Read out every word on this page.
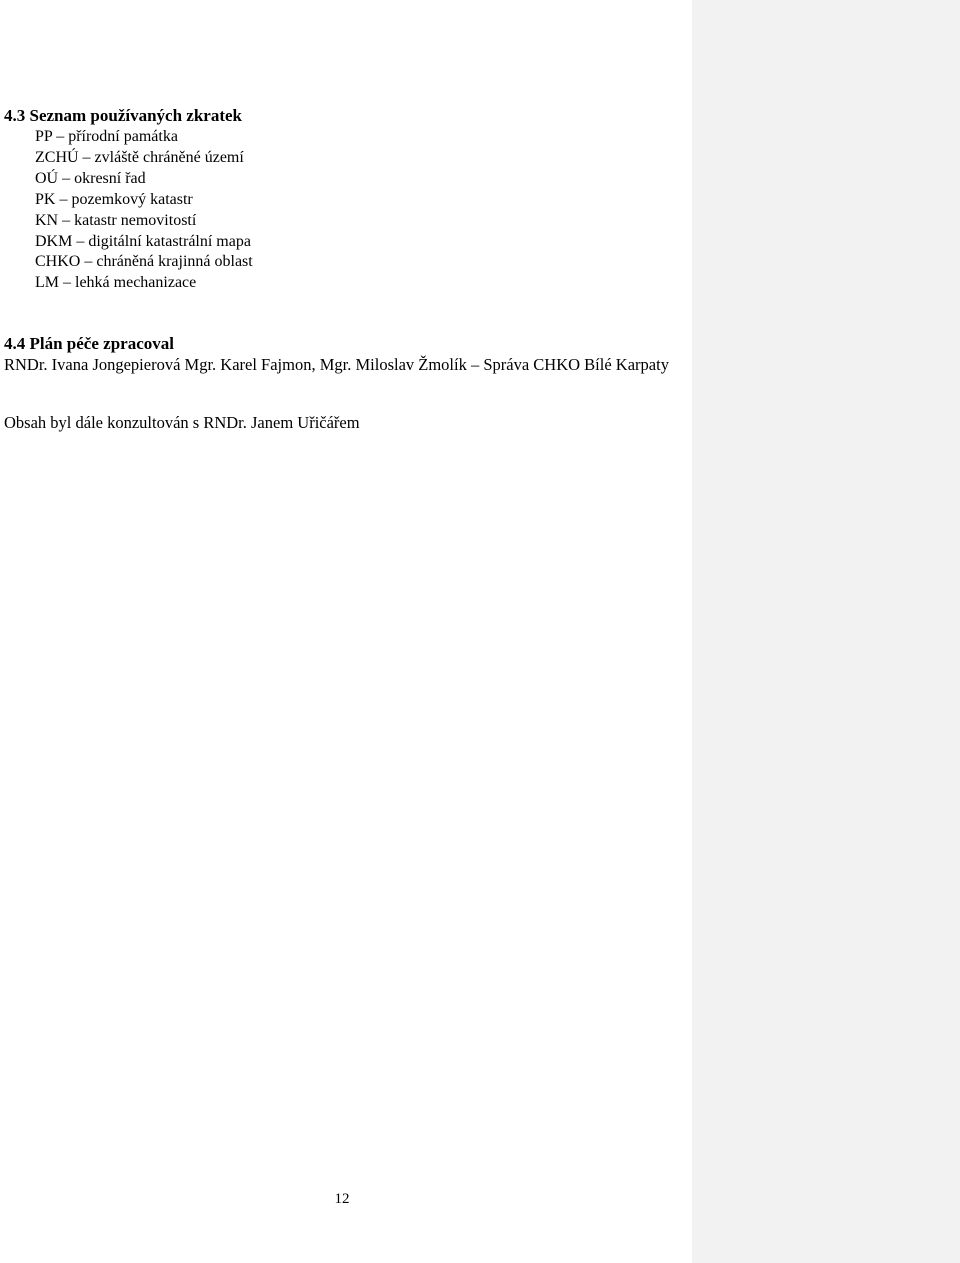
4.3 Seznam používaných zkratek
PP – přírodní památka
ZCHÚ – zvláště chráněné území
OÚ – okresní řad
PK – pozemkový katastr
KN – katastr nemovitostí
DKM – digitální katastrální mapa
CHKO – chráněná krajinná oblast
LM – lehká mechanizace
4.4 Plán péče zpracoval

RNDr. Ivana Jongepierová Mgr. Karel Fajmon, Mgr. Miloslav Žmolík – Správa CHKO Bílé Karpaty

Obsah byl dále konzultován s RNDr. Janem Uřičářem

12
